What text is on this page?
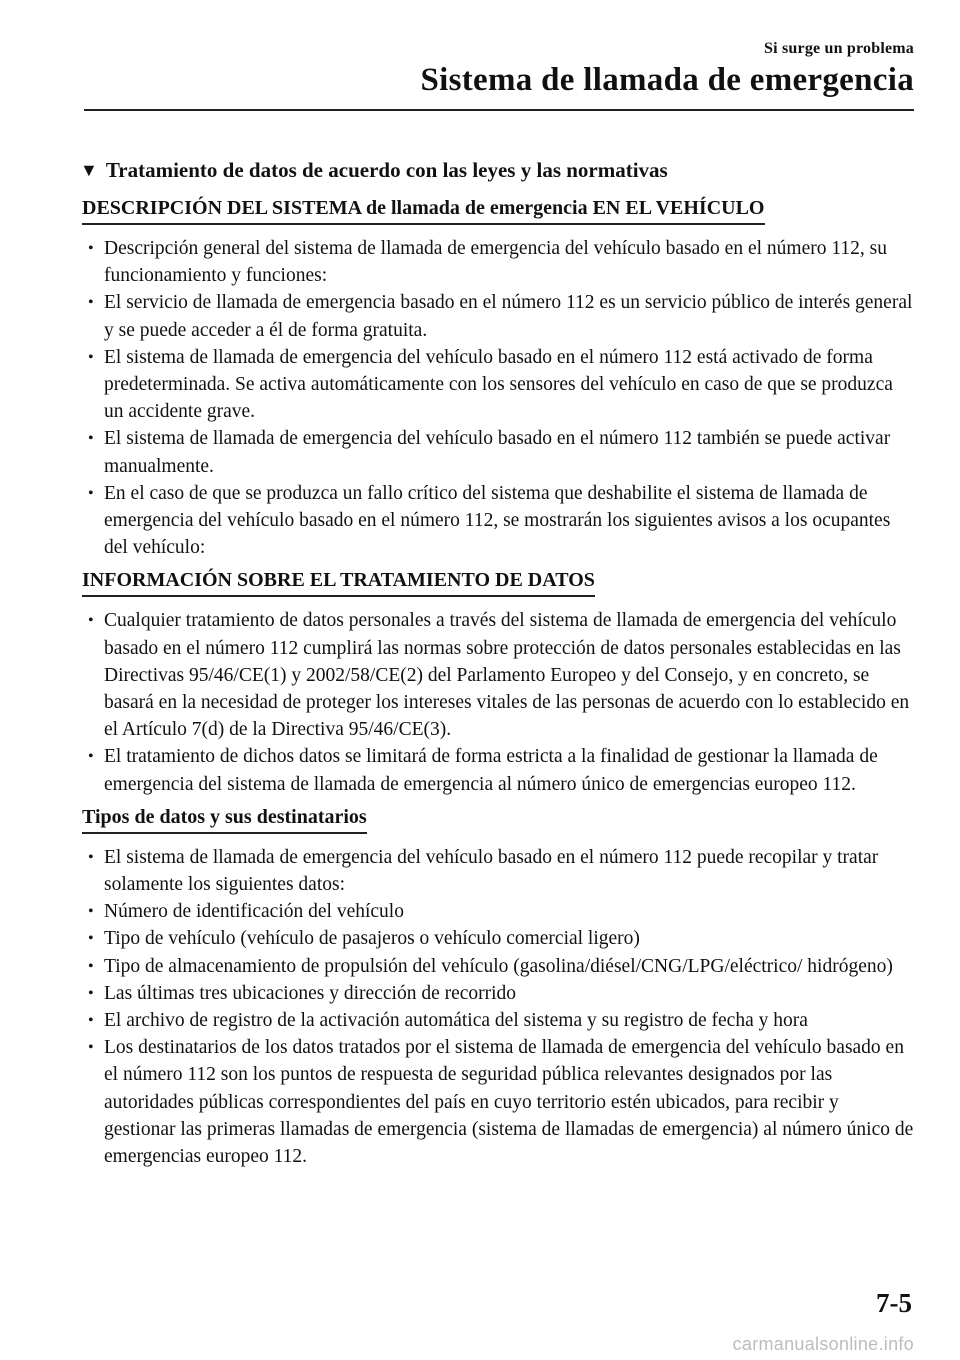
Si surge un problema
Sistema de llamada de emergencia
▼ Tratamiento de datos de acuerdo con las leyes y las normativas
DESCRIPCIÓN DEL SISTEMA de llamada de emergencia EN EL VEHÍCULO
• Descripción general del sistema de llamada de emergencia del vehículo basado en el número 112, su funcionamiento y funciones:
• El servicio de llamada de emergencia basado en el número 112 es un servicio público de interés general y se puede acceder a él de forma gratuita.
• El sistema de llamada de emergencia del vehículo basado en el número 112 está activado de forma predeterminada. Se activa automáticamente con los sensores del vehículo en caso de que se produzca un accidente grave.
• El sistema de llamada de emergencia del vehículo basado en el número 112 también se puede activar manualmente.
• En el caso de que se produzca un fallo crítico del sistema que deshabilite el sistema de llamada de emergencia del vehículo basado en el número 112, se mostrarán los siguientes avisos a los ocupantes del vehículo:
INFORMACIÓN SOBRE EL TRATAMIENTO DE DATOS
• Cualquier tratamiento de datos personales a través del sistema de llamada de emergencia del vehículo basado en el número 112 cumplirá las normas sobre protección de datos personales establecidas en las Directivas 95/46/CE(1) y 2002/58/CE(2) del Parlamento Europeo y del Consejo, y en concreto, se basará en la necesidad de proteger los intereses vitales de las personas de acuerdo con lo establecido en el Artículo 7(d) de la Directiva 95/46/CE(3).
• El tratamiento de dichos datos se limitará de forma estricta a la finalidad de gestionar la llamada de emergencia del sistema de llamada de emergencia al número único de emergencias europeo 112.
Tipos de datos y sus destinatarios
• El sistema de llamada de emergencia del vehículo basado en el número 112 puede recopilar y tratar solamente los siguientes datos:
• Número de identificación del vehículo
• Tipo de vehículo (vehículo de pasajeros o vehículo comercial ligero)
• Tipo de almacenamiento de propulsión del vehículo (gasolina/diésel/CNG/LPG/eléctrico/ hidrógeno)
• Las últimas tres ubicaciones y dirección de recorrido
• El archivo de registro de la activación automática del sistema y su registro de fecha y hora
• Los destinatarios de los datos tratados por el sistema de llamada de emergencia del vehículo basado en el número 112 son los puntos de respuesta de seguridad pública relevantes designados por las autoridades públicas correspondientes del país en cuyo territorio estén ubicados, para recibir y gestionar las primeras llamadas de emergencia (sistema de llamadas de emergencia) al número único de emergencias europeo 112.
7-5
carmanualsonline.info
